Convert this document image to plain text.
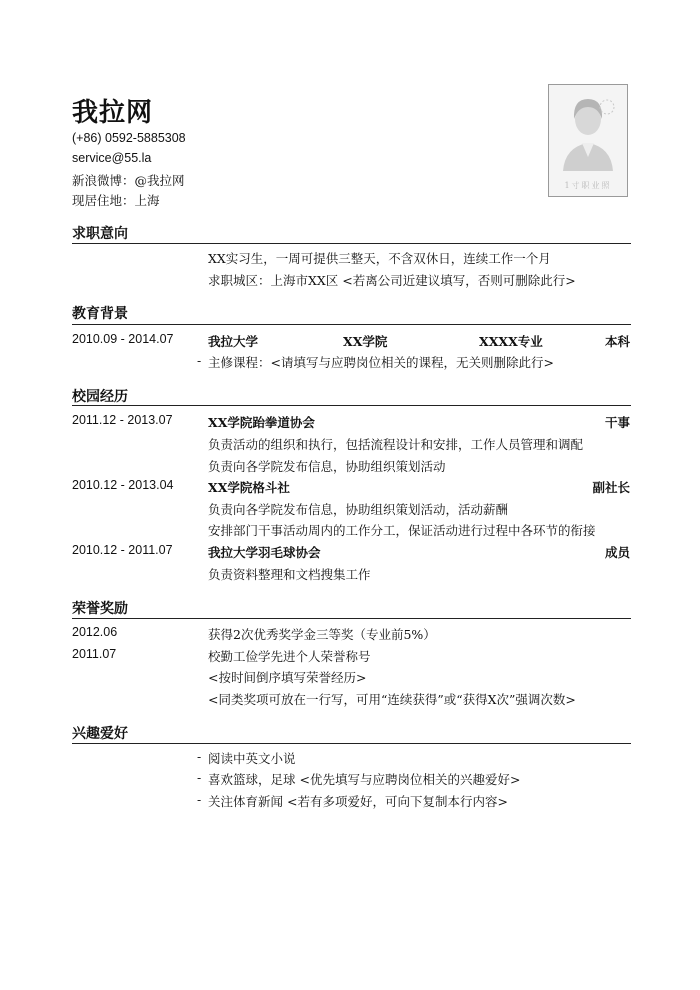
我拉网
(+86) 0592-5885308
service@55.la
新浪微博：@我拉网
现居住地：上海
1寸职业照
求职意向
XX实习生，一周可提供三整天，不含双休日，连续工作一个月
求职城区：上海市XX区 <若离公司近建议填写，否则可删除此行>
教育背景
2010.09 - 2014.07	我拉大学	XX学院	XXXX专业	本科
- 主修课程：<请填写与应聘岗位相关的课程，无关则删除此行>
校园经历
2011.12 - 2013.07	XX学院跆拳道协会	干事
负责活动的组织和执行，包括流程设计和安排，工作人员管理和调配
负责向各学院发布信息，协助组织策划活动
2010.12 - 2013.04	XX学院格斗社	副社长
负责向各学院发布信息，协助组织策划活动，活动薪酬
安排部门干事活动周内的工作分工，保证活动进行过程中各环节的衔接
2010.12 - 2011.07	我拉大学羽毛球协会	成员
负责资料整理和文档搜集工作
荣誉奖励
2012.06	获得2次优秀奖学金三等奖（专业前5%）
2011.07	校勤工俭学先进个人荣誉称号
<按时间倒序填写荣誉经历>
<同类奖项可放在一行写，可用“连续获得”或“获得X次”强调次数>
兴趣爱好
- 阅读中英文小说
- 喜欢篮球，足球 <优先填写与应聘岗位相关的兴趣爱好>
- 关注体育新闻 <若有多项爱好，可向下复制本行内容>
